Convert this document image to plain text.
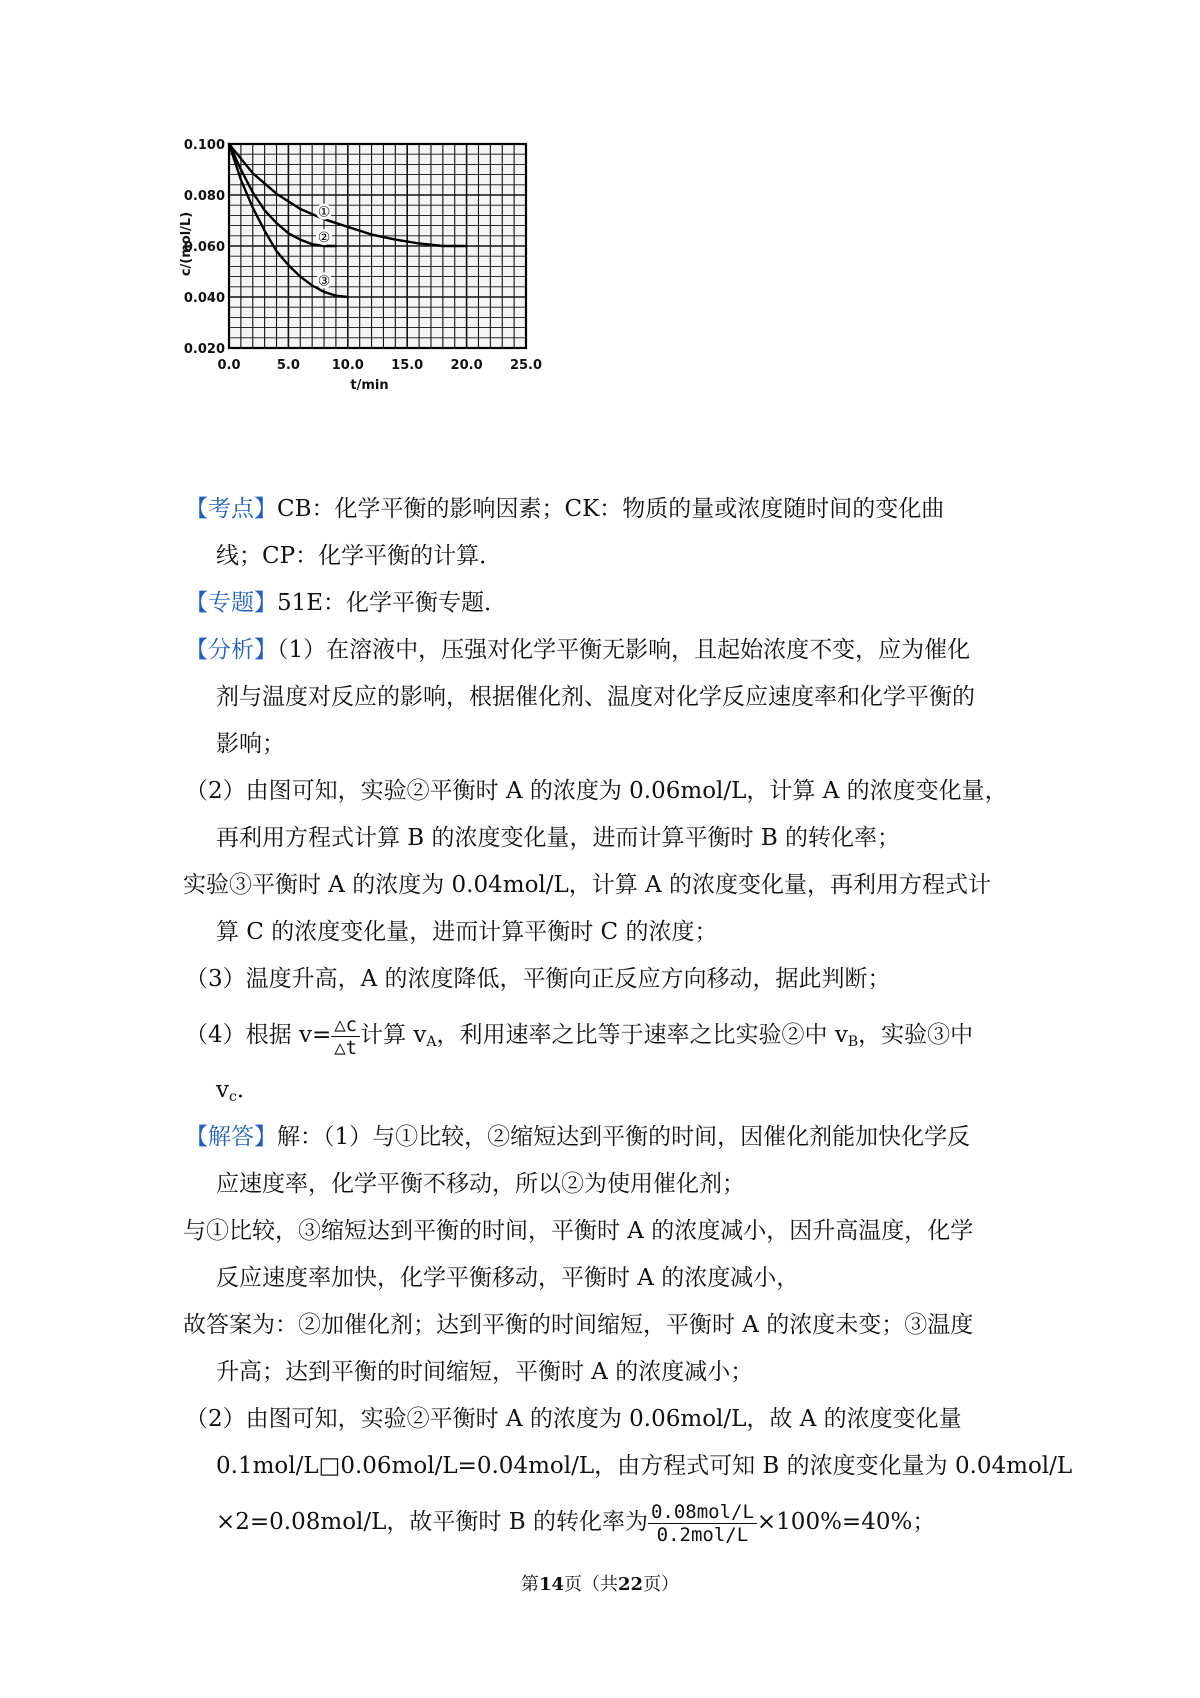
0.0	5.0 10.0 15.0 20.0 25.0
0.100
0.080
0.060
0.040
0.020
t/min
c/(mol/L)	①
②
③
【考点】CB：化学平衡的影响因素；CK：物质的量或浓度随时间的变化曲
线；CP：化学平衡的计算．
【专题】51E：化学平衡专题．
【分析】（1）在溶液中，压强对化学平衡无影响，且起始浓度不变，应为催化
剂与温度对反应的影响，根据催化剂、温度对化学反应速度率和化学平衡的
影响；
（2）由图可知，实验②平衡时 A 的浓度为 0.06mol/L，计算 A 的浓度变化量，
再利用方程式计算 B 的浓度变化量，进而计算平衡时 B 的转化率；
实验③平衡时 A 的浓度为 0.04mol/L，计算 A 的浓度变化量，再利用方程式计
算 C 的浓度变化量，进而计算平衡时 C 的浓度；
（3）温度升高，A 的浓度降低，平衡向正反应方向移动，据此判断；
（4）根据 $v= \frac{\triangle c}{\triangle t}$ 计算 $v_A$，利用速率之比等于速率之比实验②中 $v_B$，实验③中
$v_c$．
【解答】解：（1）与①比较，②缩短达到平衡的时间，因催化剂能加快化学反
应速度率，化学平衡不移动，所以②为使用催化剂；
与①比较，③缩短达到平衡的时间，平衡时 A 的浓度减小，因升高温度，化学
反应速度率加快，化学平衡移动，平衡时 A 的浓度减小，
故答案为：②加催化剂；达到平衡的时间缩短，平衡时 A 的浓度未变；③温度
升高；达到平衡的时间缩短，平衡时 A 的浓度减小；
（2）由图可知，实验②平衡时 A 的浓度为 0.06mol/L，故 A 的浓度变化量
0.1mol/L□0.06mol/L=0.04mol/L，由方程式可知 B 的浓度变化量为 0.04mol/L
×2=0.08mol/L，故平衡时 B 的转化率为 $\frac{\text{0.08mol/L}}{\text{0.2mol/L}} \times 100\%=40\%$；
第14页（共22页）
